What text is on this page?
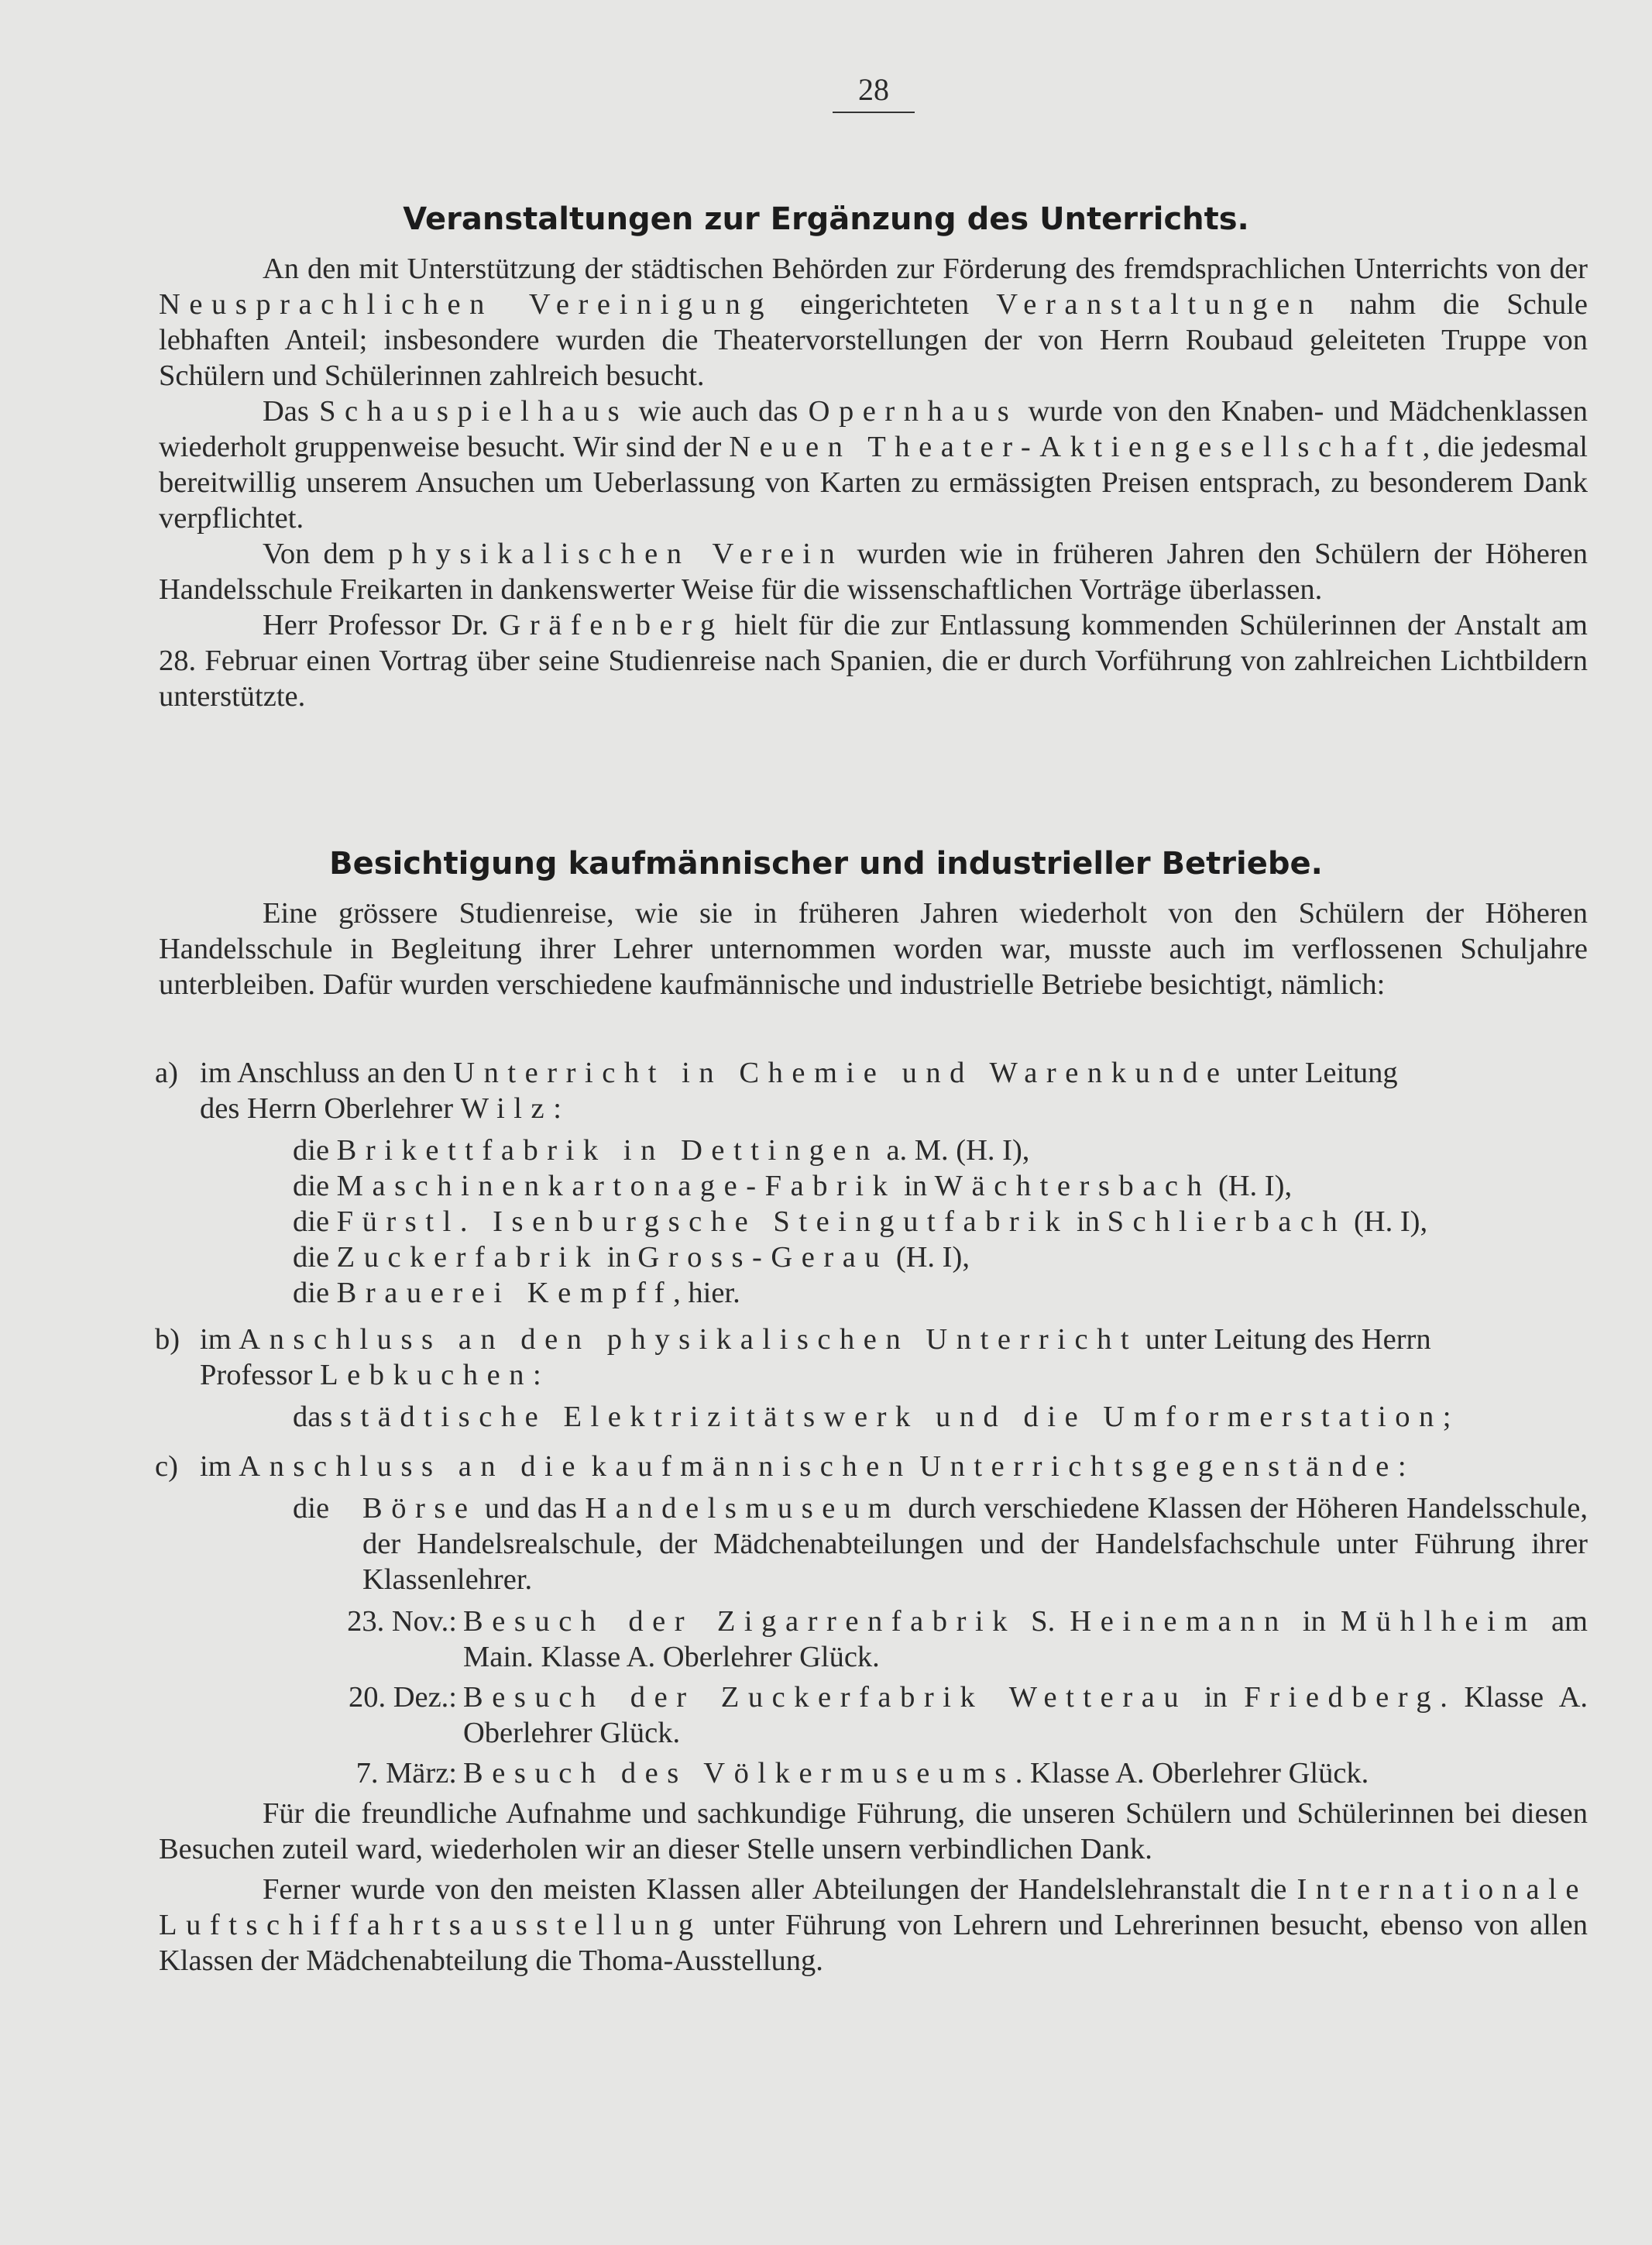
28
Veranstaltungen zur Ergänzung des Unterrichts.

An den mit Unterstützung der städtischen Behörden zur Förderung des fremdsprachlichen Unterrichts von der Neusprachlichen Vereinigung eingerichteten Veranstaltungen nahm die Schule lebhaften Anteil; insbesondere wurden die Theatervorstellungen der von Herrn Roubaud geleiteten Truppe von Schülern und Schülerinnen zahlreich besucht.

Das Schauspielhaus wie auch das Opernhaus wurde von den Knaben- und Mädchenklassen wiederholt gruppenweise besucht. Wir sind der Neuen Theater-Aktiengesellschaft, die jedesmal bereitwillig unserem Ansuchen um Ueberlassung von Karten zu ermässigten Preisen entsprach, zu besonderem Dank verpflichtet.

Von dem physikalischen Verein wurden wie in früheren Jahren den Schülern der Höheren Handelsschule Freikarten in dankenswerter Weise für die wissenschaftlichen Vorträge überlassen.

Herr Professor Dr. Gräfenberg hielt für die zur Entlassung kommenden Schülerinnen der Anstalt am 28. Februar einen Vortrag über seine Studienreise nach Spanien, die er durch Vorführung von zahlreichen Lichtbildern unterstützte.

Besichtigung kaufmännischer und industrieller Betriebe.

Eine grössere Studienreise, wie sie in früheren Jahren wiederholt von den Schülern der Höheren Handelsschule in Begleitung ihrer Lehrer unternommen worden war, musste auch im verflossenen Schuljahre unterbleiben. Dafür wurden verschiedene kaufmännische und industrielle Betriebe besichtigt, nämlich:

a) im Anschluss an den Unterricht in Chemie und Warenkunde unter Leitung
des Herrn Oberlehrer Wilz:
die Brikettfabrik in Dettingen a. M. (H. I),
die Maschinenkartonage-Fabrik in Wächtersbach (H. I),
die Fürstl. Isenburgsche Steingutfabrik in Schlierbach (H. I),
die Zuckerfabrik in Gross-Gerau (H. I),
die Brauerei Kempff, hier.
b) im Anschluss an den physikalischen Unterricht unter Leitung des Herrn
Professor Lebkuchen:
das städtische Elektrizitätswerk und die Umformerstation;
c) im Anschluss an die kaufmännischen Unterrichtsgegenstände:
die	Börse und das Handelsmuseum durch verschiedene Klassen der Höheren Handelsschule, der Handelsrealschule, der Mädchenabteilungen und der Handelsfachschule unter Führung ihrer Klassenlehrer.
23. Nov.: Besuch der Zigarrenfabrik S. Heinemann in Mühlheim am Main. Klasse A. Oberlehrer Glück.
20. Dez.: Besuch der Zuckerfabrik Wetterau in Friedberg. Klasse A. Oberlehrer Glück.
7. März: Besuch des Völkermuseums. Klasse A. Oberlehrer Glück.

Für die freundliche Aufnahme und sachkundige Führung, die unseren Schülern und Schülerinnen bei diesen Besuchen zuteil ward, wiederholen wir an dieser Stelle unsern verbindlichen Dank.

Ferner wurde von den meisten Klassen aller Abteilungen der Handelslehranstalt die Internationale Luftschiffahrtsausstellung unter Führung von Lehrern und Lehrerinnen besucht, ebenso von allen Klassen der Mädchenabteilung die Thoma-Ausstellung.
